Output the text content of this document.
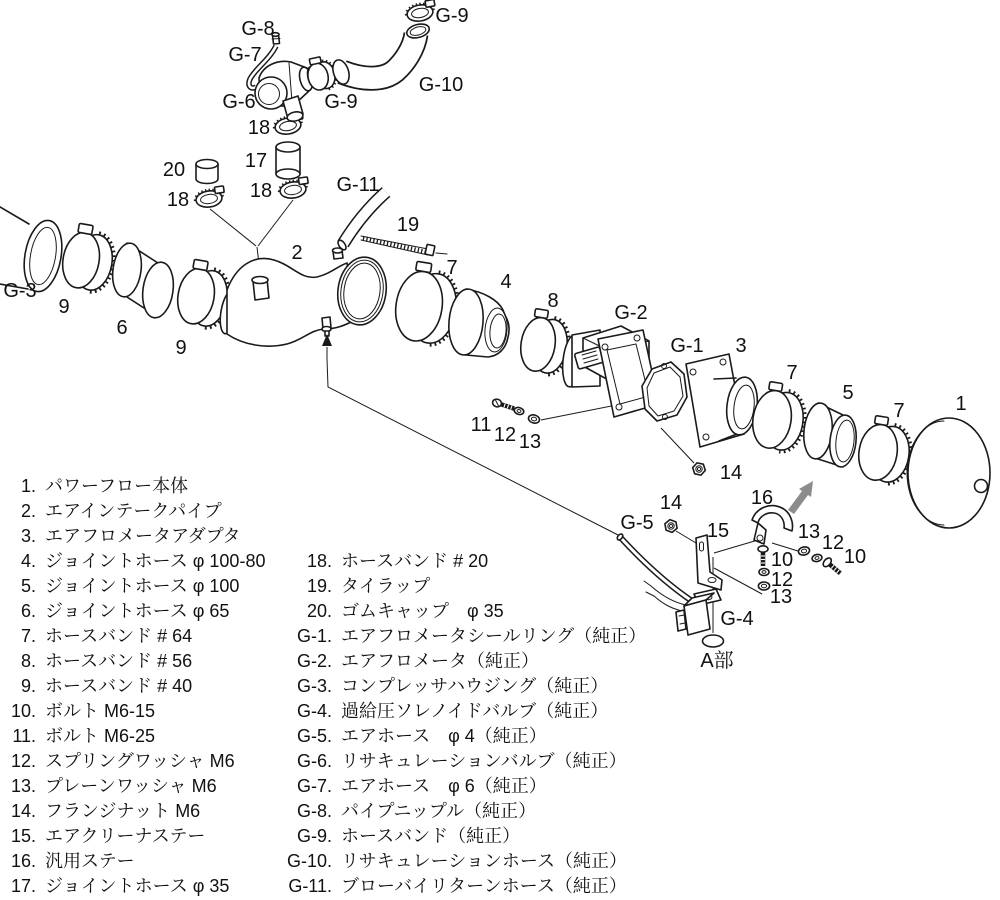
G-8
G-7
G-6	G-9
G-9
G-10
18
17
18
20
18
G-11
2
19
7
4
8
G-2
G-1 3
7
5
7	1
14
11 12 13
G-5
14
15
16
13 12
10
10
12
13
G-4
A部
9
9
G-3
6
1. パワーフロー本体
2. エアインテークパイプ
3. エアフロメータアダプタ
4. ジョイントホース φ 100-80
5. ジョイントホース φ 100
6. ジョイントホース φ 65
7. ホースバンド # 64
8. ホースバンド # 56
9. ホースバンド # 40
10. ボルト M6-15
11. ボルト M6-25
12. スプリングワッシャ M6
13. プレーンワッシャ M6
14. フランジナット M6
15. エアクリーナステー
16. 汎用ステー
17. ジョイントホース φ 35
18. ホースバンド # 20
19. タイラップ
20. ゴムキャップ　φ 35
G-1. エアフロメータシールリング（純正）
G-2. エアフロメータ（純正）
G-3. コンプレッサハウジング（純正）
G-4. 過給圧ソレノイドバルブ（純正）
G-5. エアホース　φ 4（純正）
G-6. リサキュレーションバルブ（純正）
G-7. エアホース　φ 6（純正）
G-8. パイプニップル（純正）
G-9. ホースバンド（純正）
G-10. リサキュレーションホース（純正）
G-11. ブローバイリターンホース（純正）
